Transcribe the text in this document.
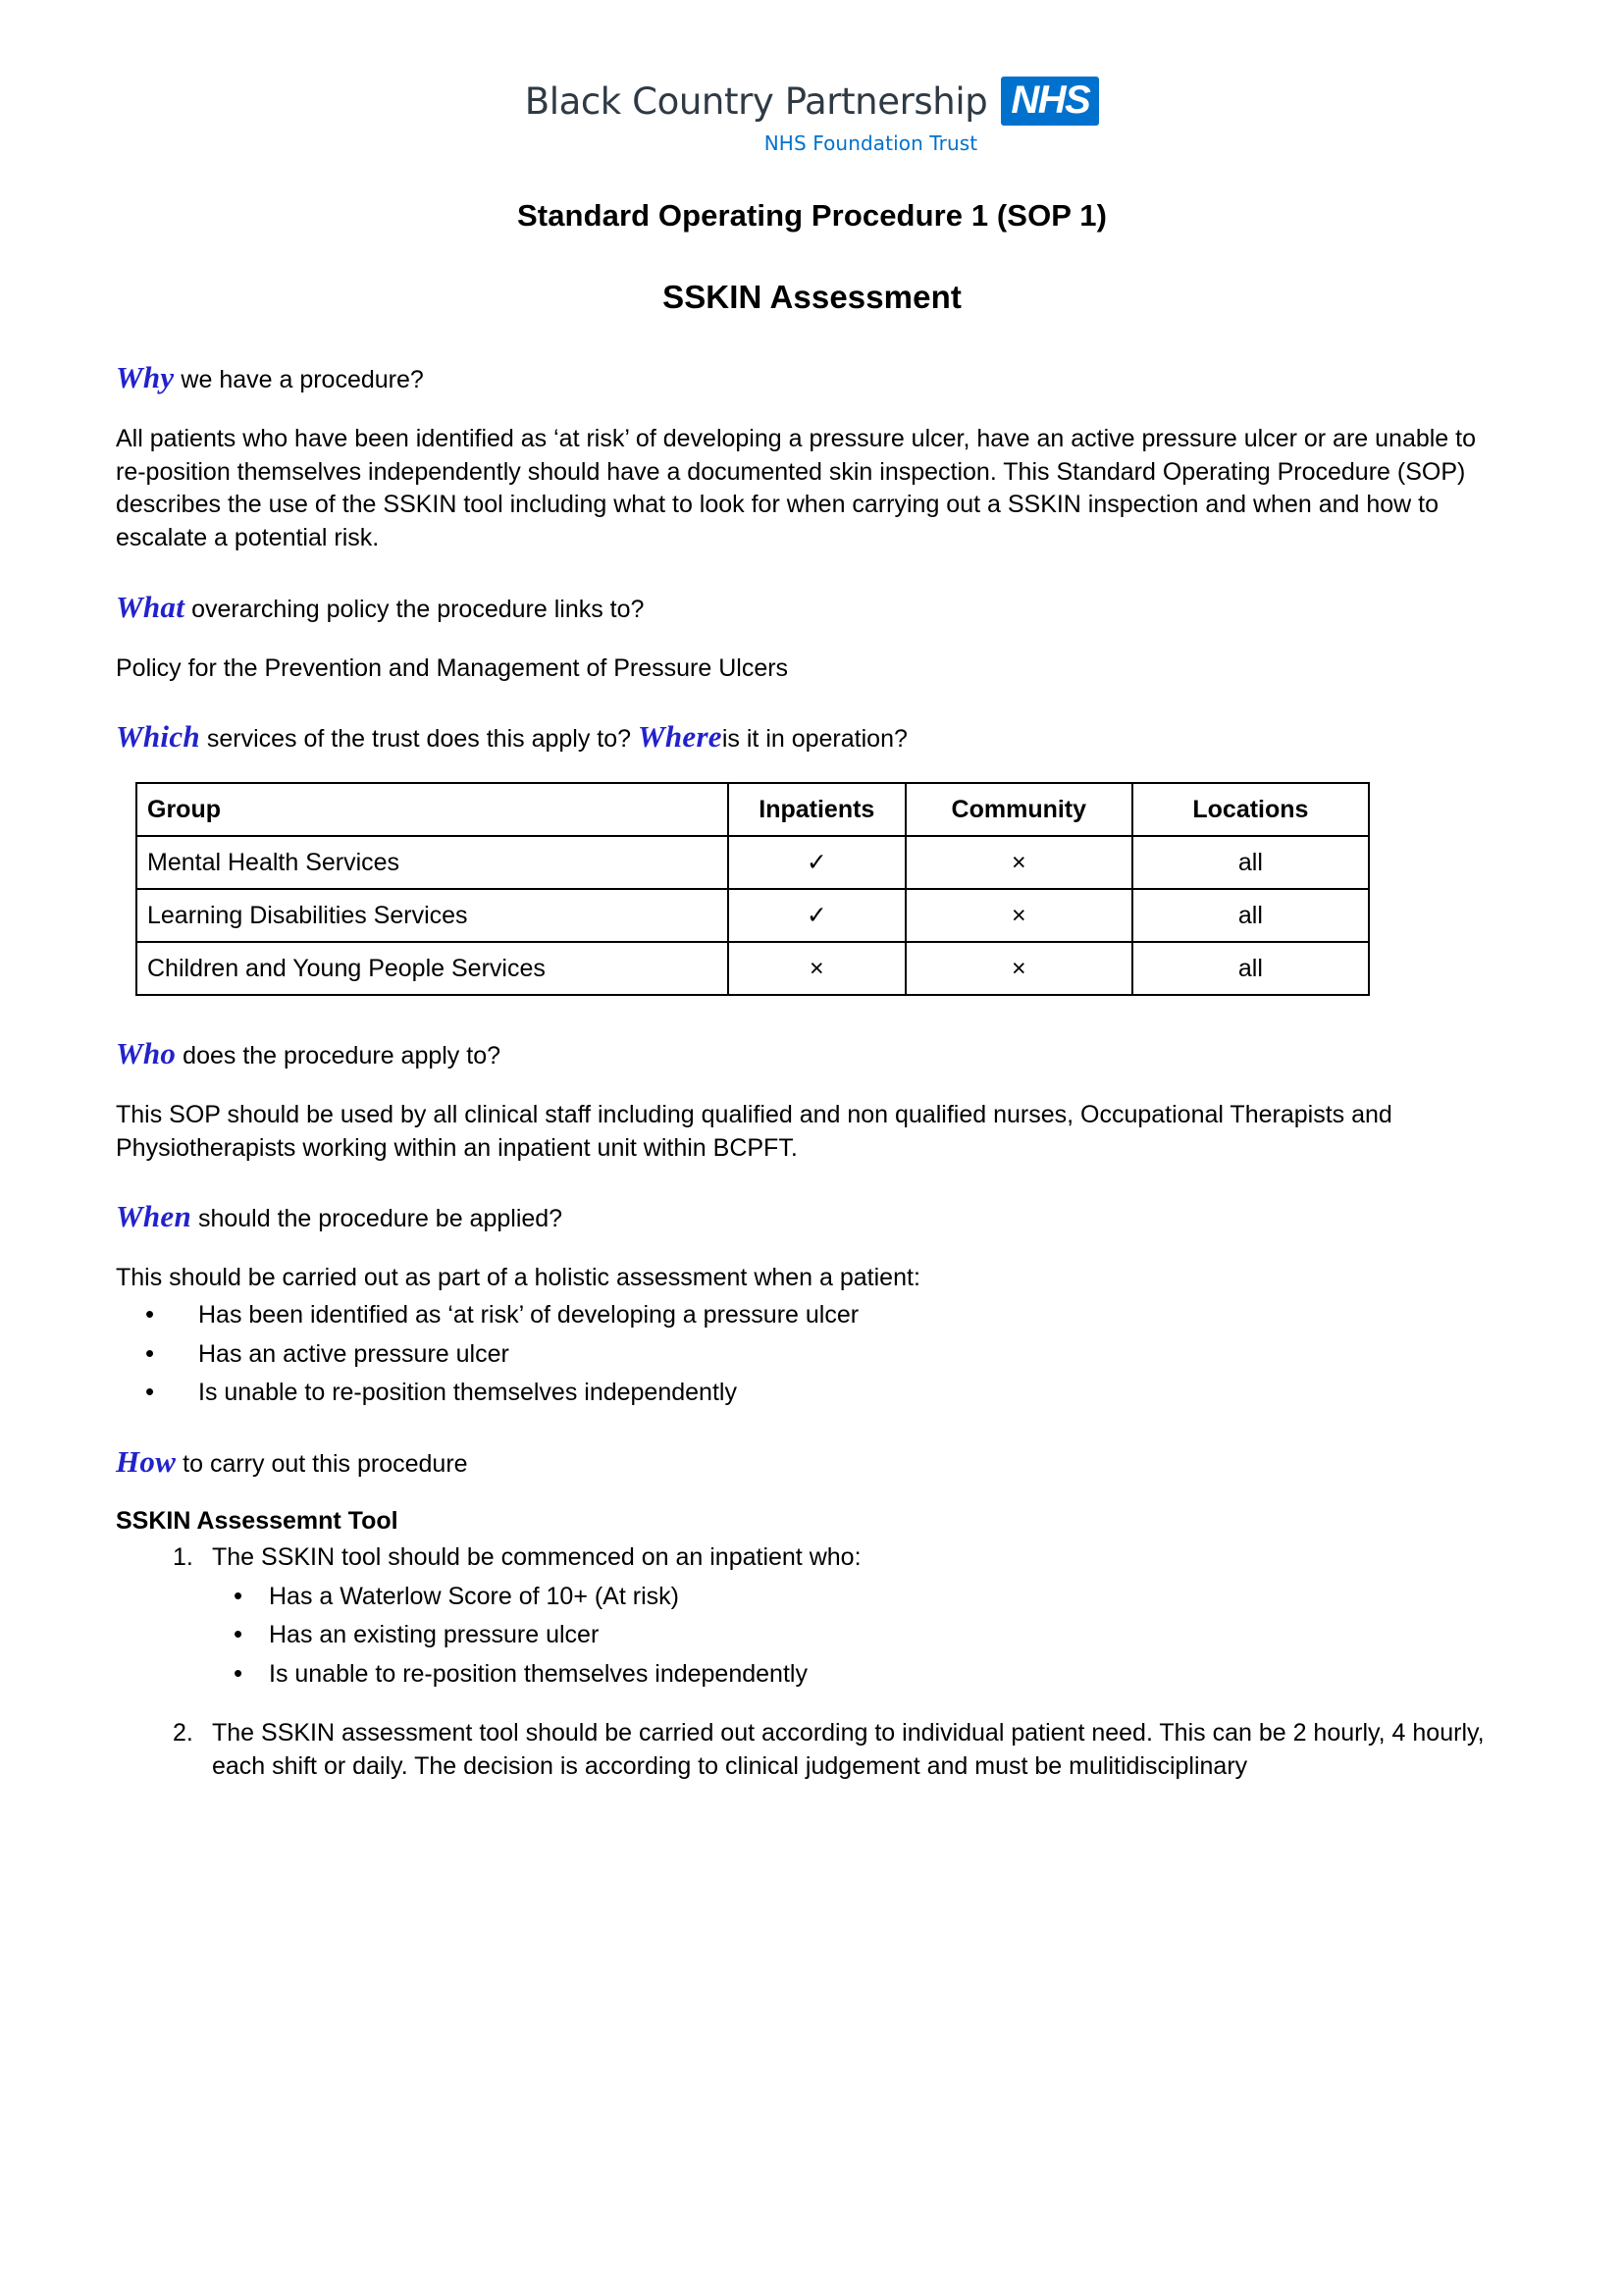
Black Country Partnership NHS
NHS Foundation Trust
Standard Operating Procedure 1 (SOP 1)
SSKIN Assessment
Why we have a procedure?

All patients who have been identified as ‘at risk’ of developing a pressure ulcer, have an active pressure ulcer or are unable to re-position themselves independently should have a documented skin inspection. This Standard Operating Procedure (SOP) describes the use of the SSKIN tool including what to look for when carrying out a SSKIN inspection and when and how to escalate a potential risk.

What overarching policy the procedure links to?

Policy for the Prevention and Management of Pressure Ulcers

Which services of the trust does this apply to? Whereis it in operation?
Group	Inpatients	Community	Locations
Mental Health Services	✓	×	all
Learning Disabilities Services	✓	×	all
Children and Young People Services	×	×	all
Who does the procedure apply to?

This SOP should be used by all clinical staff including qualified and non qualified nurses, Occupational Therapists and Physiotherapists working within an inpatient unit within BCPFT.

When should the procedure be applied?

This should be carried out as part of a holistic assessment when a patient:

• Has been identified as ‘at risk’ of developing a pressure ulcer
• Has an active pressure ulcer
• Is unable to re-position themselves independently
How to carry out this procedure
SSKIN Assessemnt Tool
The SSKIN tool should be commenced on an inpatient who:
• Has a Waterlow Score of 10+ (At risk)
• Has an existing pressure ulcer
• Is unable to re-position themselves independently
The SSKIN assessment tool should be carried out according to individual patient need. This can be 2 hourly, 4 hourly, each shift or daily. The decision is according to clinical judgement and must be mulitidisciplinary
